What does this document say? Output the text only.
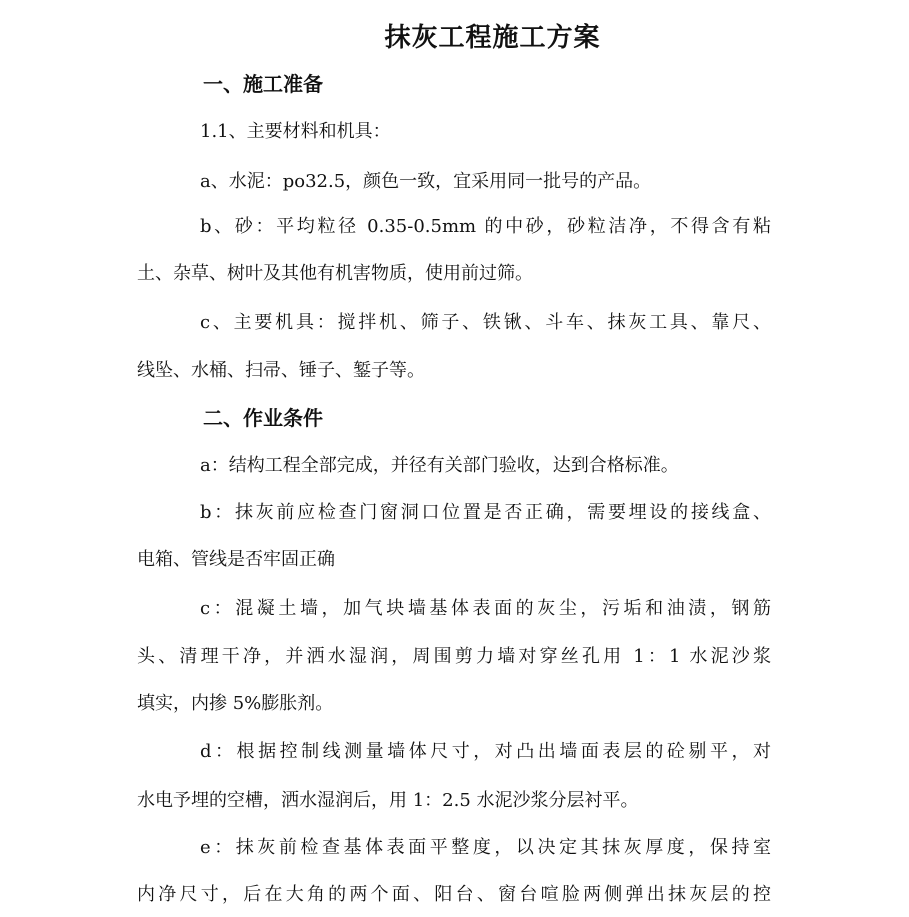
抹灰工程施工方案
一、施工准备

1.1、主要材料和机具：

a、水泥：po32.5，颜色一致，宜采用同一批号的产品。

b、砂：平均粒径 0.35-0.5mm 的中砂，砂粒洁净，不得含有粘

土、杂草、树叶及其他有机害物质，使用前过筛。

c、主要机具：搅拌机、筛子、铁锹、斗车、抹灰工具、靠尺、

线坠、水桶、扫帚、锤子、錾子等。

二、作业条件

a：结构工程全部完成，并径有关部门验收，达到合格标准。

b：抹灰前应检查门窗洞口位置是否正确，需要埋设的接线盒、

电箱、管线是否牢固正确

c：混凝土墙，加气块墙基体表面的灰尘，污垢和油渍，钢筋

头、清理干净，并洒水湿润，周围剪力墙对穿丝孔用 1：1 水泥沙浆

填实，内掺 5%膨胀剂。

d：根据控制线测量墙体尺寸，对凸出墙面表层的砼剔平，对

水电予埋的空槽，洒水湿润后，用 1：2.5 水泥沙浆分层衬平。

e：抹灰前检查基体表面平整度，以决定其抹灰厚度，保持室

内净尺寸，后在大角的两个面、阳台、窗台喧脸两侧弹出抹灰层的控
